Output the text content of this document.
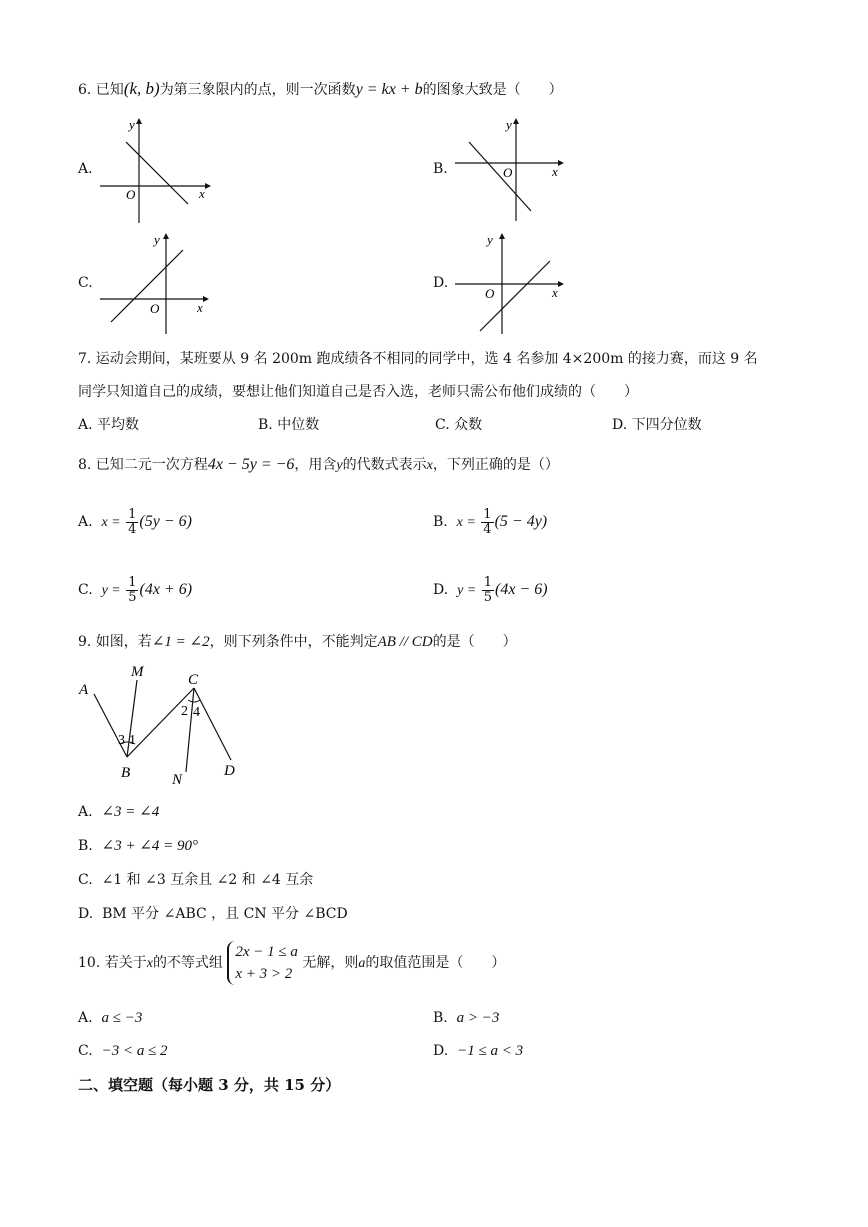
6. 已知(k, b)为第三象限内的点，则一次函数y = kx + b的图象大致是（　　）
A.
x
y
O
B.	x
y
O
C.
x
y
O
D.
x
y
O
7. 运动会期间，某班要从 9 名 200m 跑成绩各不相同的同学中，选 4 名参加 4×200m 的接力赛，而这 9 名
同学只知道自己的成绩，要想让他们知道自己是否入选，老师只需公布他们成绩的（　　）
A. 平均数	B. 中位数	C. 众数	D. 下四分位数
8. 已知二元一次方程4x − 5y = −6，用含y的代数式表示x，下列正确的是（）
A. $x = \frac{1}{4} (5y - 6)$	B. $x = \frac{1}{4} (5 - 4y)$
C. $y = \frac{1}{5} (4x + 6)$	D. $y = \frac{1}{5} (4x - 6)$
9. 如图，若∠1 = ∠2，则下列条件中，不能判定AB // CD的是（　　）
A
B
C
D
M
N
3 1
2 4
A. ∠3 = ∠4
B. ∠3 + ∠4 = 90°
C. ∠1 和 ∠3 互余且 ∠2 和 ∠4 互余
D. BM 平分 ∠ABC ，且 CN 平分 ∠BCD
10. 若关于x的不等式组
2x − 1 ≤ a
x + 3 > 2
无解，则a的取值范围是（　　）
A. a ≤ −3	B. a > −3
C. −3 < a ≤ 2	D. −1 ≤ a < 3
二、填空题（每小题 3 分，共 15 分）
